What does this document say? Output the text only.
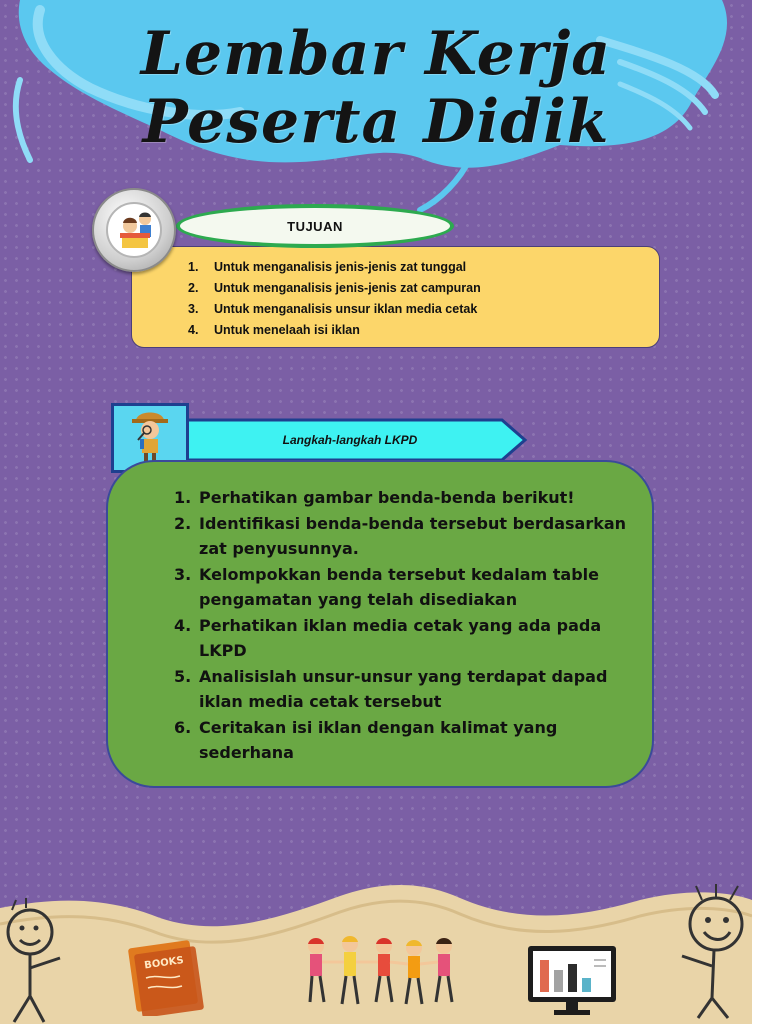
Lembar Kerja
Peserta Didik
1. Untuk menganalisis jenis-jenis zat tunggal
2. Untuk menganalisis jenis-jenis zat campuran
3. Untuk menganalisis unsur iklan media cetak
4. Untuk menelaah isi iklan
TUJUAN
Langkah-langkah LKPD
1. Perhatikan gambar benda-benda berikut!
2. Identifikasi benda-benda tersebut berdasarkan zat penyusunnya.
3. Kelompokkan benda tersebut kedalam table pengamatan yang telah disediakan
4. Perhatikan iklan media cetak yang ada pada LKPD
5. Analisislah unsur-unsur yang terdapat dapad iklan media cetak tersebut
6. Ceritakan isi iklan dengan kalimat yang sederhana
BOOKS
